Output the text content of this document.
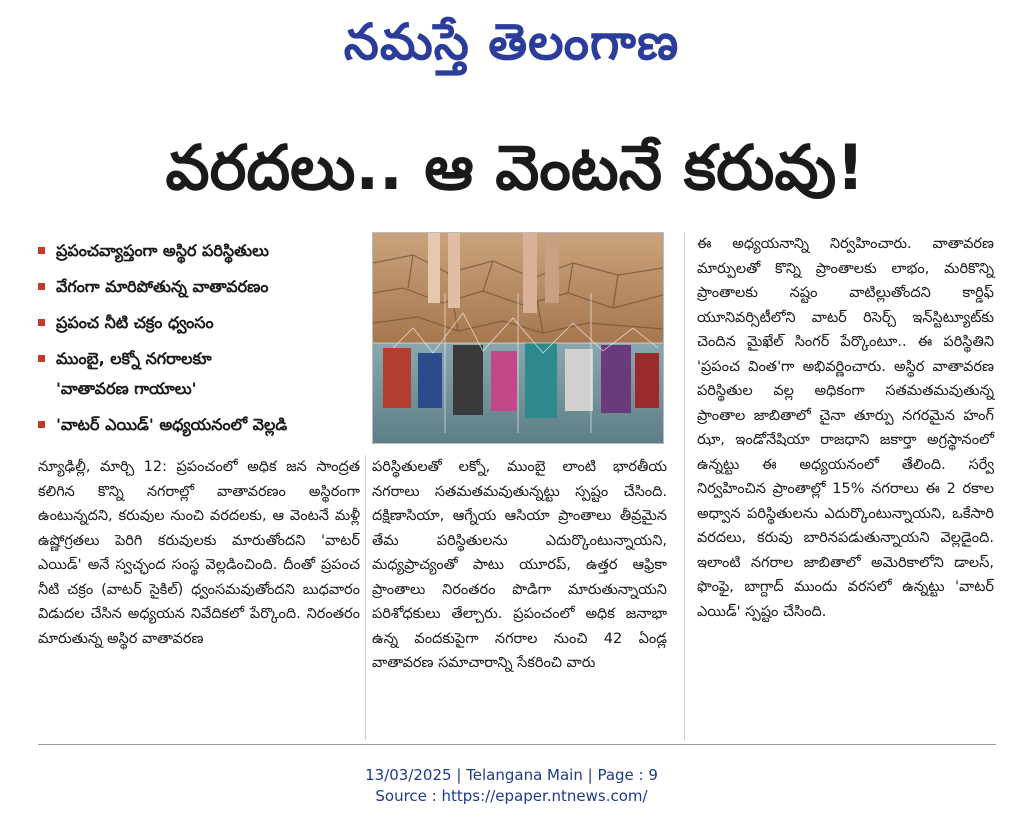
నమస్తే తెలంగాణ
వరదలు.. ఆ వెంటనే కరువు!
ప్రపంచవ్యాప్తంగా అస్థిర పరిస్థితులు
వేగంగా మారిపోతున్న వాతావరణం
ప్రపంచ నీటి చక్రం ధ్వంసం
ముంబై, లక్నో నగరాలకూ
'వాతావరణ గాయాలు'
'వాటర్ ఎయిడ్' అధ్యయనంలో వెల్లడి

న్యూఢిల్లీ, మార్చి 12: ప్రపంచంలో అధిక జన సాంద్రత కలిగిన కొన్ని నగరాల్లో వాతావరణం అస్థిరంగా ఉంటున్నదని, కరువుల నుంచి వరదలకు, ఆ వెంటనే మళ్లీ ఉష్ణోగ్రతలు పెరిగి కరువులకు మారుతోందని 'వాటర్ ఎయిడ్' అనే స్వచ్ఛంద సంస్థ వెల్లడించింది. దీంతో ప్రపంచ నీటి చక్రం (వాటర్ సైకిల్) ధ్వంసమవుతోందని బుధవారం విడుదల చేసిన అధ్యయన నివేదికలో పేర్కొంది. నిరంతరం మారుతున్న అస్థిర వాతావరణ

పరిస్థితులతో లక్నో, ముంబై లాంటి భారతీయ నగరాలు సతమతమవుతున్నట్టు స్పష్టం చేసింది. దక్షిణాసియా, ఆగ్నేయ ఆసియా ప్రాంతాలు తీవ్రమైన తేమ పరిస్థితులను ఎదుర్కొంటున్నాయని, మధ్యప్రాచ్యంతో పాటు యూరప్, ఉత్తర ఆఫ్రికా ప్రాంతాలు నిరంతరం పొడిగా మారుతున్నాయని పరిశోధకులు తేల్చారు. ప్రపంచంలో అధిక జనాభా ఉన్న వందకుపైగా నగరాల నుంచి 42 ఏండ్ల వాతావరణ సమాచారాన్ని సేకరించి వారు

ఈ అధ్యయనాన్ని నిర్వహించారు. వాతావరణ మార్పులతో కొన్ని ప్రాంతాలకు లాభం, మరికొన్ని ప్రాంతాలకు నష్టం వాటిల్లుతోందని కార్డిఫ్ యూనివర్సిటీలోని వాటర్ రిసెర్చ్ ఇన్‌స్టిట్యూట్‌కు చెందిన మైఖేల్ సింగర్ పేర్కొంటూ.. ఈ పరిస్థితిని 'ప్రపంచ వింత'గా అభివర్ణించారు. అస్థిర వాతావరణ పరిస్థితుల వల్ల అధికంగా సతమతమవుతున్న ప్రాంతాల జాబితాలో చైనా తూర్పు నగరమైన హంగ్ ఝా, ఇండోనేషియా రాజధాని జకార్తా అగ్రస్థానంలో ఉన్నట్టు ఈ అధ్యయనంలో తేలింది. సర్వే నిర్వహించిన ప్రాంతాల్లో 15% నగరాలు ఈ 2 రకాల అధ్వాన పరిస్థితులను ఎదుర్కొంటున్నాయని, ఒకేసారి వరదలు, కరువు బారినపడుతున్నాయని వెల్లడైంది. ఇలాంటి నగరాల జాబితాలో అమెరికాలోని డాలస్, ఫొంఫై, బాగ్దాద్ ముందు వరసలో ఉన్నట్టు 'వాటర్ ఎయిడ్' స్పష్టం చేసింది.

13/03/2025 | Telangana Main | Page : 9
Source : https://epaper.ntnews.com/
